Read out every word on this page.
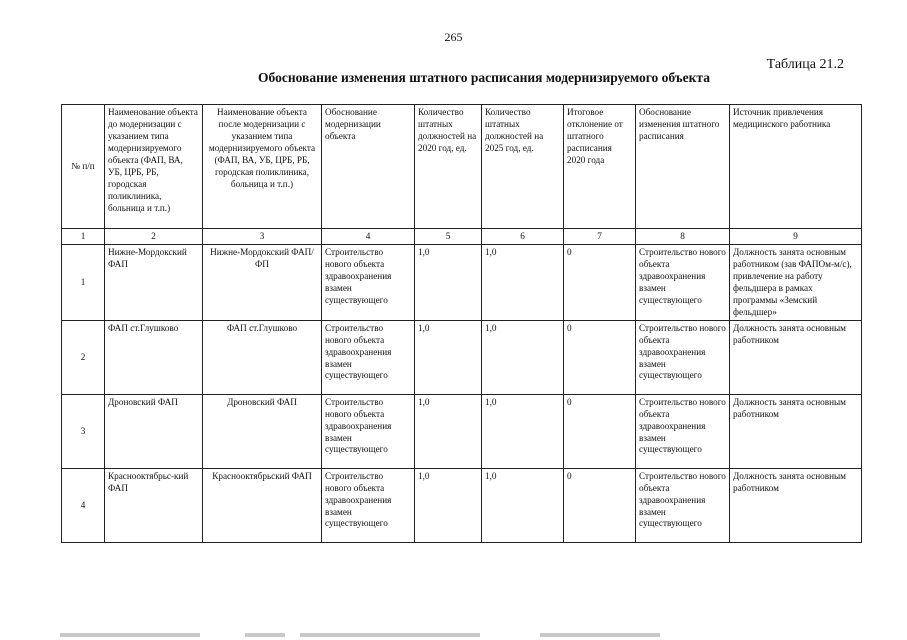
265
Таблица 21.2
Обоснование изменения штатного расписания модернизируемого объекта
№ п/п	Наименование объекта до модернизации с указанием типа модернизируемого объекта (ФАП, ВА, УБ, ЦРБ, РБ, городская поликлиника, больница и т.п.)	Наименование объекта после модернизации с указанием типа модернизируемого объекта (ФАП, ВА, УБ, ЦРБ, РБ, городская поликлиника, больница и т.п.)	Обоснование модернизации объекта	Количество штатных должностей на 2020 год, ед.	Количество штатных должностей на 2025 год, ед.	Итоговое отклонение от штатного расписания 2020 года	Обоснование изменения штатного расписания	Источник привлечения медицинского работника
1	2	3	4	5	6	7	8	9
1	Нижне-Мордокский ФАП	Нижне-Мордокский ФАП/ФП	Строительство нового объекта здравоохранения взамен существующего	1,0	1,0	0	Строительство нового объекта здравоохранения взамен существующего	Должность занята основным работником (зав ФАПОм-м/с), привлечение на работу фельдшера в рамках программы «Земский фельдшер»
2	ФАП ст.Глушково	ФАП ст.Глушково	Строительство нового объекта здравоохранения взамен существующего	1,0	1,0	0	Строительство нового объекта здравоохранения взамен существующего	Должность занята основным работником
3	Дроновский ФАП	Дроновский ФАП	Строительство нового объекта здравоохранения взамен существующего	1,0	1,0	0	Строительство нового объекта здравоохранения взамен существующего	Должность занята основным работником
4	Краснооктябрьс-кий ФАП	Краснооктябрьский ФАП	Строительство нового объекта здравоохранения взамен существующего	1,0	1,0	0	Строительство нового объекта здравоохранения взамен существующего	Должность занята основным работником
